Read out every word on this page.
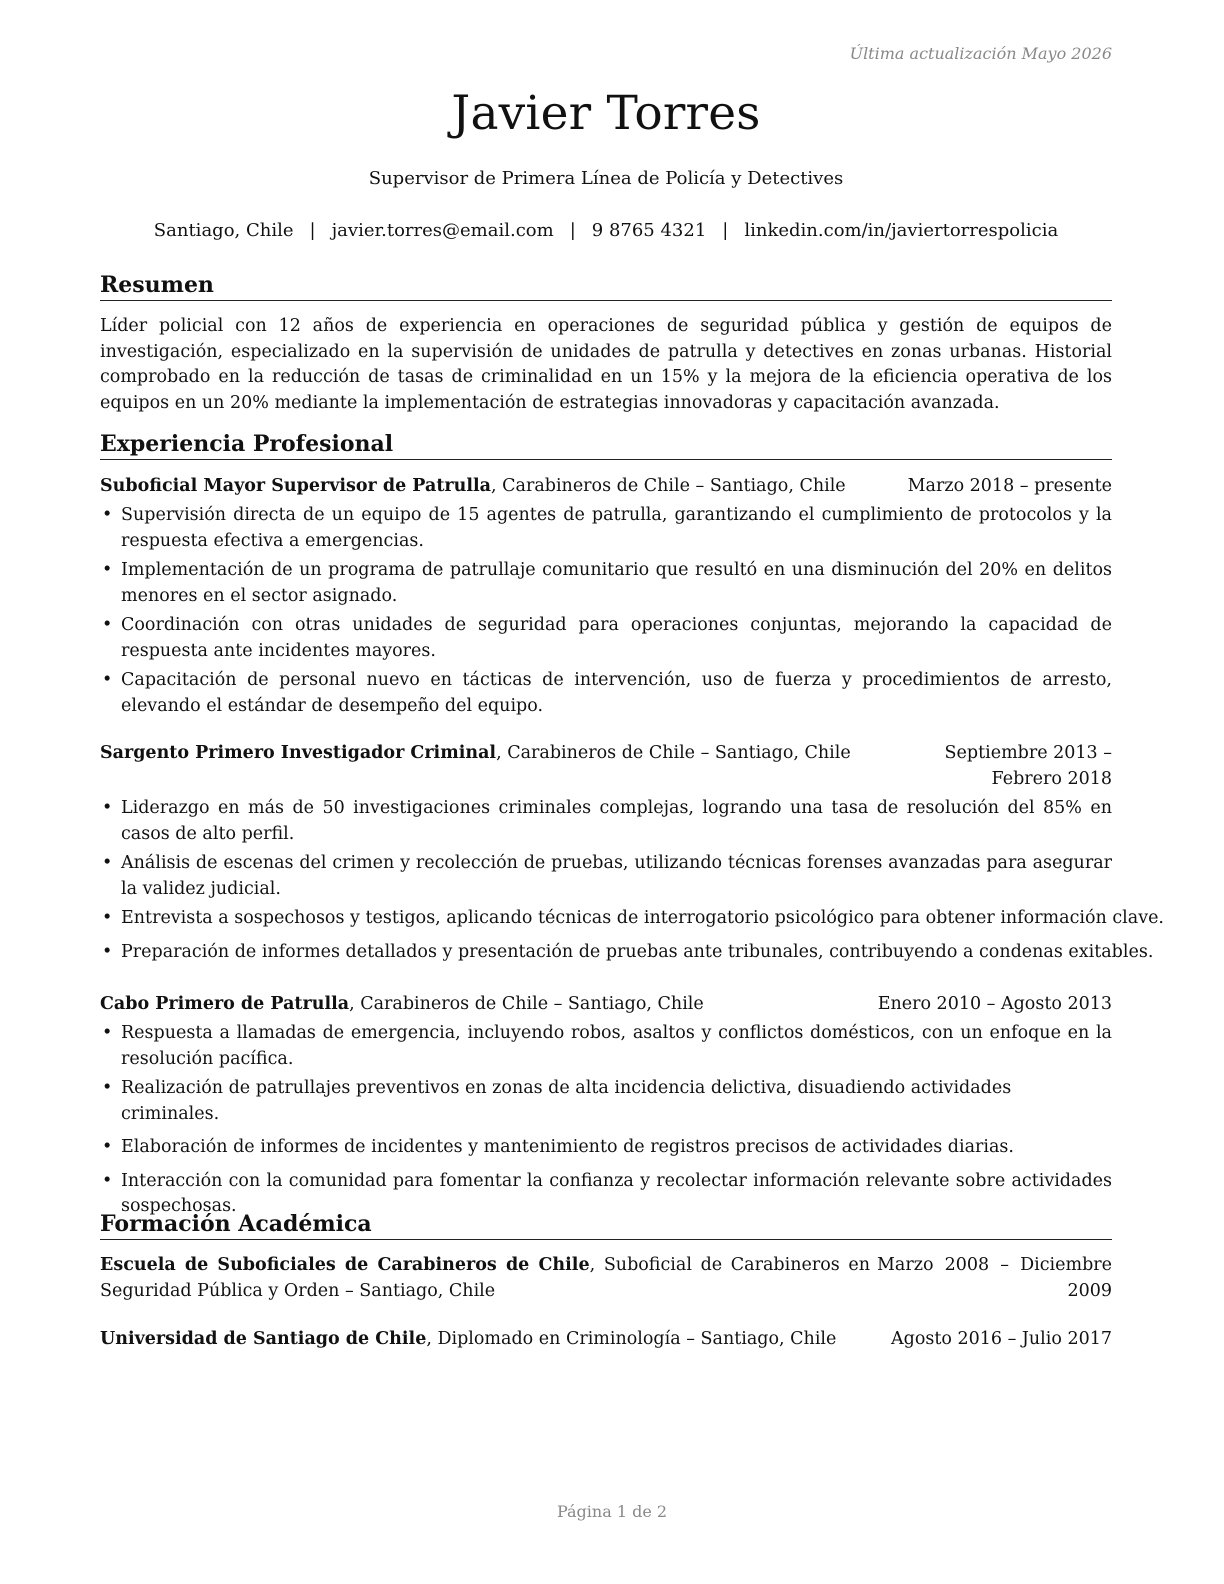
Última actualización Mayo 2026
Javier Torres
Supervisor de Primera Línea de Policía y Detectives
Santiago, Chile | javier.torres@email.com | 9 8765 4321 | linkedin.com/in/javiertorrespolicia
Resumen
Líder policial con 12 años de experiencia en operaciones de seguridad pública y gestión de equipos de investigación, especializado en la supervisión de unidades de patrulla y detectives en zonas urbanas. Historial comprobado en la reducción de tasas de criminalidad en un 15% y la mejora de la eficiencia operativa de los equipos en un 20% mediante la implementación de estrategias innovadoras y capacitación avanzada.
Experiencia Profesional
Suboficial Mayor Supervisor de Patrulla, Carabineros de Chile – Santiago, Chile	Marzo 2018 – presente
• Supervisión directa de un equipo de 15 agentes de patrulla, garantizando el cumplimiento de protocolos y la respuesta efectiva a emergencias.
• Implementación de un programa de patrullaje comunitario que resultó en una disminución del 20% en delitos menores en el sector asignado.
• Coordinación con otras unidades de seguridad para operaciones conjuntas, mejorando la capacidad de respuesta ante incidentes mayores.
• Capacitación de personal nuevo en tácticas de intervención, uso de fuerza y procedimientos de arresto, elevando el estándar de desempeño del equipo.
Sargento Primero Investigador Criminal, Carabineros de Chile – Santiago, Chile	Septiembre 2013 – Febrero 2018
• Liderazgo en más de 50 investigaciones criminales complejas, logrando una tasa de resolución del 85% en casos de alto perfil.
• Análisis de escenas del crimen y recolección de pruebas, utilizando técnicas forenses avanzadas para asegurar la validez judicial.
• Entrevista a sospechosos y testigos, aplicando técnicas de interrogatorio psicológico para obtener información clave.
• Preparación de informes detallados y presentación de pruebas ante tribunales, contribuyendo a condenas exitables.
Cabo Primero de Patrulla, Carabineros de Chile – Santiago, Chile	Enero 2010 – Agosto 2013
• Respuesta a llamadas de emergencia, incluyendo robos, asaltos y conflictos domésticos, con un enfoque en la resolución pacífica.
• Realización de patrullajes preventivos en zonas de alta incidencia delictiva, disuadiendo actividades criminales.
• Elaboración de informes de incidentes y mantenimiento de registros precisos de actividades diarias.
• Interacción con la comunidad para fomentar la confianza y recolectar información relevante sobre actividades sospechosas.
Formación Académica
Escuela de Suboficiales de Carabineros de Chile, Suboficial de Carabineros en Seguridad Pública y Orden – Santiago, Chile
Marzo 2008 – Diciembre 2009
Universidad de Santiago de Chile, Diplomado en Criminología – Santiago, Chile	Agosto 2016 – Julio 2017
Página 1 de 2
